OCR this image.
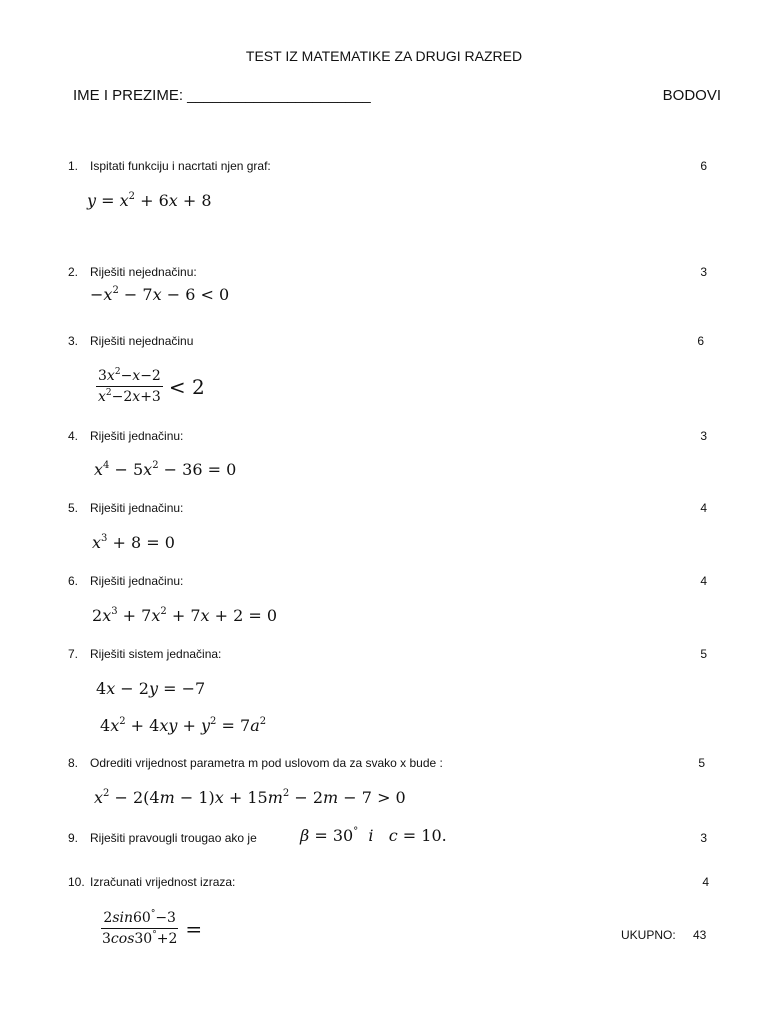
TEST IZ MATEMATIKE ZA DRUGI RAZRED
IME I PREZIME: ______________________	BODOVI
1. Ispitati funkciju i nacrtati njen graf:	6
$y = x^2 + 6x + 8$
2. Riješiti nejednačinu:	3
$-x^2 - 7x - 6 < 0$
3. Riješiti nejednačinu	6
$\frac{3x^2-x-2}{x^2-2x+3} < 2$
4. Riješiti jednačinu:	3
$x^4 - 5x^2 - 36 = 0$
5. Riješiti jednačinu:	4
$x^3 + 8 = 0$
6. Riješiti jednačinu:	4
$2x^3 + 7x^2 + 7x + 2 = 0$
7. Riješiti sistem jednačina:	5
4x − 2y = −7
$4x^2 + 4xy + y^2 = 7a^2$
8. Odrediti vrijednost parametra m pod uslovom da za svako x bude :	5
$x^2 - 2(4m - 1)x + 15m^2 - 2m - 7 > 0$
9. Riješiti pravougli trougao ako je	β = 30° i c = 10.	3
10. Izračunati vrijednost izraza:	4
$\frac{2\sin 60^\circ-3}{3\cos 30^\circ+2}$ =	UKUPNO: 43
